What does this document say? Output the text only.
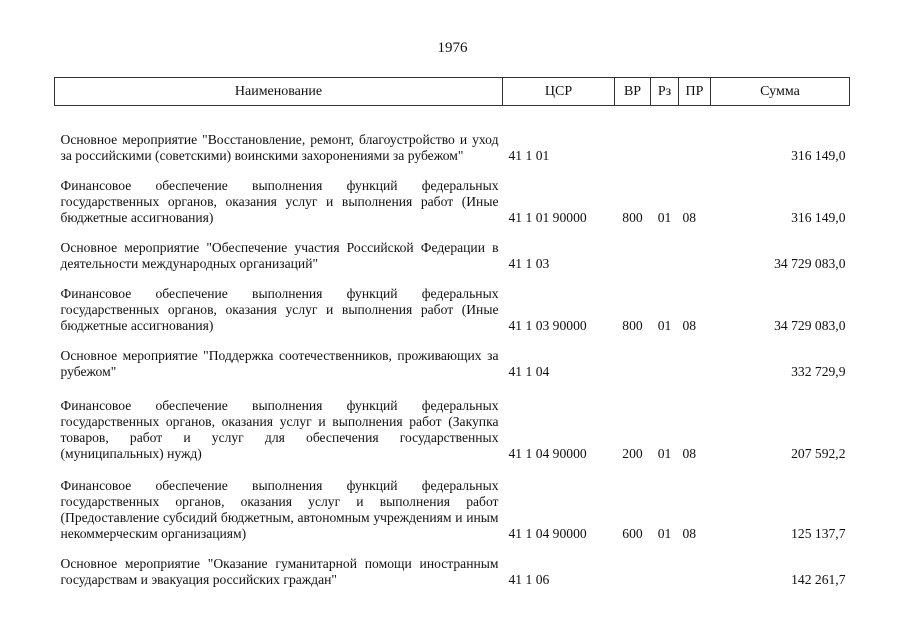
1976
Наименование	ЦСР	ВР	Рз	ПР	Сумма
Основное мероприятие "Восстановление, ремонт, благоустройство и уход за российскими (советскими) воинскими захоронениями за рубежом"	41 1 01				316 149,0
Финансовое обеспечение выполнения функций федеральных государственных органов, оказания услуг и выполнения работ (Иные бюджетные ассигнования)	41 1 01 90000	800	01	08	316 149,0
Основное мероприятие "Обеспечение участия Российской Федерации в деятельности международных организаций"	41 1 03				34 729 083,0
Финансовое обеспечение выполнения функций федеральных государственных органов, оказания услуг и выполнения работ (Иные бюджетные ассигнования)	41 1 03 90000	800	01	08	34 729 083,0
Основное мероприятие "Поддержка соотечественников, проживающих за рубежом"	41 1 04				332 729,9
Финансовое обеспечение выполнения функций федеральных государственных органов, оказания услуг и выполнения работ (Закупка товаров, работ и услуг для обеспечения государственных (муниципальных) нужд)	41 1 04 90000	200	01	08	207 592,2
Финансовое обеспечение выполнения функций федеральных государственных органов, оказания услуг и выполнения работ (Предоставление субсидий бюджетным, автономным учреждениям и иным некоммерческим организациям)	41 1 04 90000	600	01	08	125 137,7
Основное мероприятие "Оказание гуманитарной помощи иностранным государствам и эвакуация российских граждан"	41 1 06				142 261,7
